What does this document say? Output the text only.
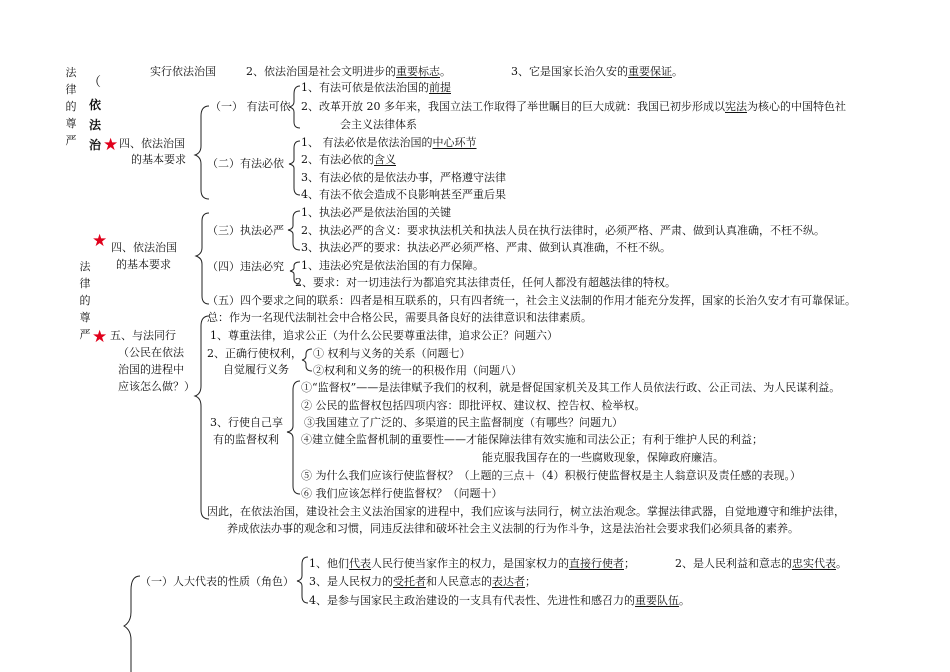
法律的尊严
（
依法治 ★
实行依法治国	2、依法治国是社会文明进步的重要标志。	3、它是国家长治久安的重要保证。
四、依法治国
的基本要求
（一） 有法可依
1、有法可依是依法治国的前提
2、改革开放 20 多年来，我国立法工作取得了举世瞩目的巨大成就：我国已初步形成以宪法为核心的中国特色社
会主义法律体系
（二）有法必依
1、 有法必依是依法治国的中心环节
2、有法必依的含义
3、有法必依的是依法办事，严格遵守法律
4、有法不依会造成不良影响甚至严重后果
★
法律的尊严 ★
四、依法治国
的基本要求
（三）执法必严
1、执法必严是依法治国的关键
2、执法必严的含义：要求执法机关和执法人员在执行法律时，必须严格、严肃、做到认真准确，不枉不纵。
3、执法必严的要求：执法必严必须严格、严肃、做到认真准确，不枉不纵。
（四）违法必究 1、违法必究是依法治国的有力保障。
2、要求：对一切违法行为都追究其法律责任，任何人都没有超越法律的特权。
（五）四个要求之间的联系：四者是相互联系的，只有四者统一，社会主义法制的作用才能充分发挥，国家的长治久安才有可靠保证。
五、与法同行
（公民在依法
治国的进程中
应该怎么做？）
总：作为一名现代法制社会中合格公民，需要具备良好的法律意识和法律素质。
1、尊重法律，追求公正（为什么公民要尊重法律，追求公正？问题六）
2、正确行使权利，
自觉履行义务
① 权利与义务的关系（问题七）
②权利和义务的统一的积极作用（问题八）
3、行使自己享
有的监督权利
①“监督权”——是法律赋予我们的权利，就是督促国家机关及其工作人员依法行政、公正司法、为人民谋利益。
② 公民的监督权包括四项内容：即批评权、建议权、控告权、检举权。
③我国建立了广泛的、多渠道的民主监督制度（有哪些？问题九）
④建立健全监督机制的重要性——才能保障法律有效实施和司法公正；有利于维护人民的利益；
能克服我国存在的一些腐败现象，保障政府廉洁。
⑤ 为什么我们应该行使监督权？（上题的三点＋（4）积极行使监督权是主人翁意识及责任感的表现。）
⑥ 我们应该怎样行使监督权？（问题十）
因此，在依法治国，建设社会主义法治国家的进程中，我们应该与法同行，树立法治观念。掌握法律武器，自觉地遵守和维护法律，
养成依法办事的观念和习惯，同违反法律和破坏社会主义法制的行为作斗争，这是法治社会要求我们必须具备的素养。
（一）人大代表的性质（角色）
1、他们代表人民行使当家作主的权力，是国家权力的直接行使者；	2、是人民利益和意志的忠实代表。
3、是人民权力的受托者和人民意志的表达者；
4、是参与国家民主政治建设的一支具有代表性、先进性和感召力的重要队伍。
